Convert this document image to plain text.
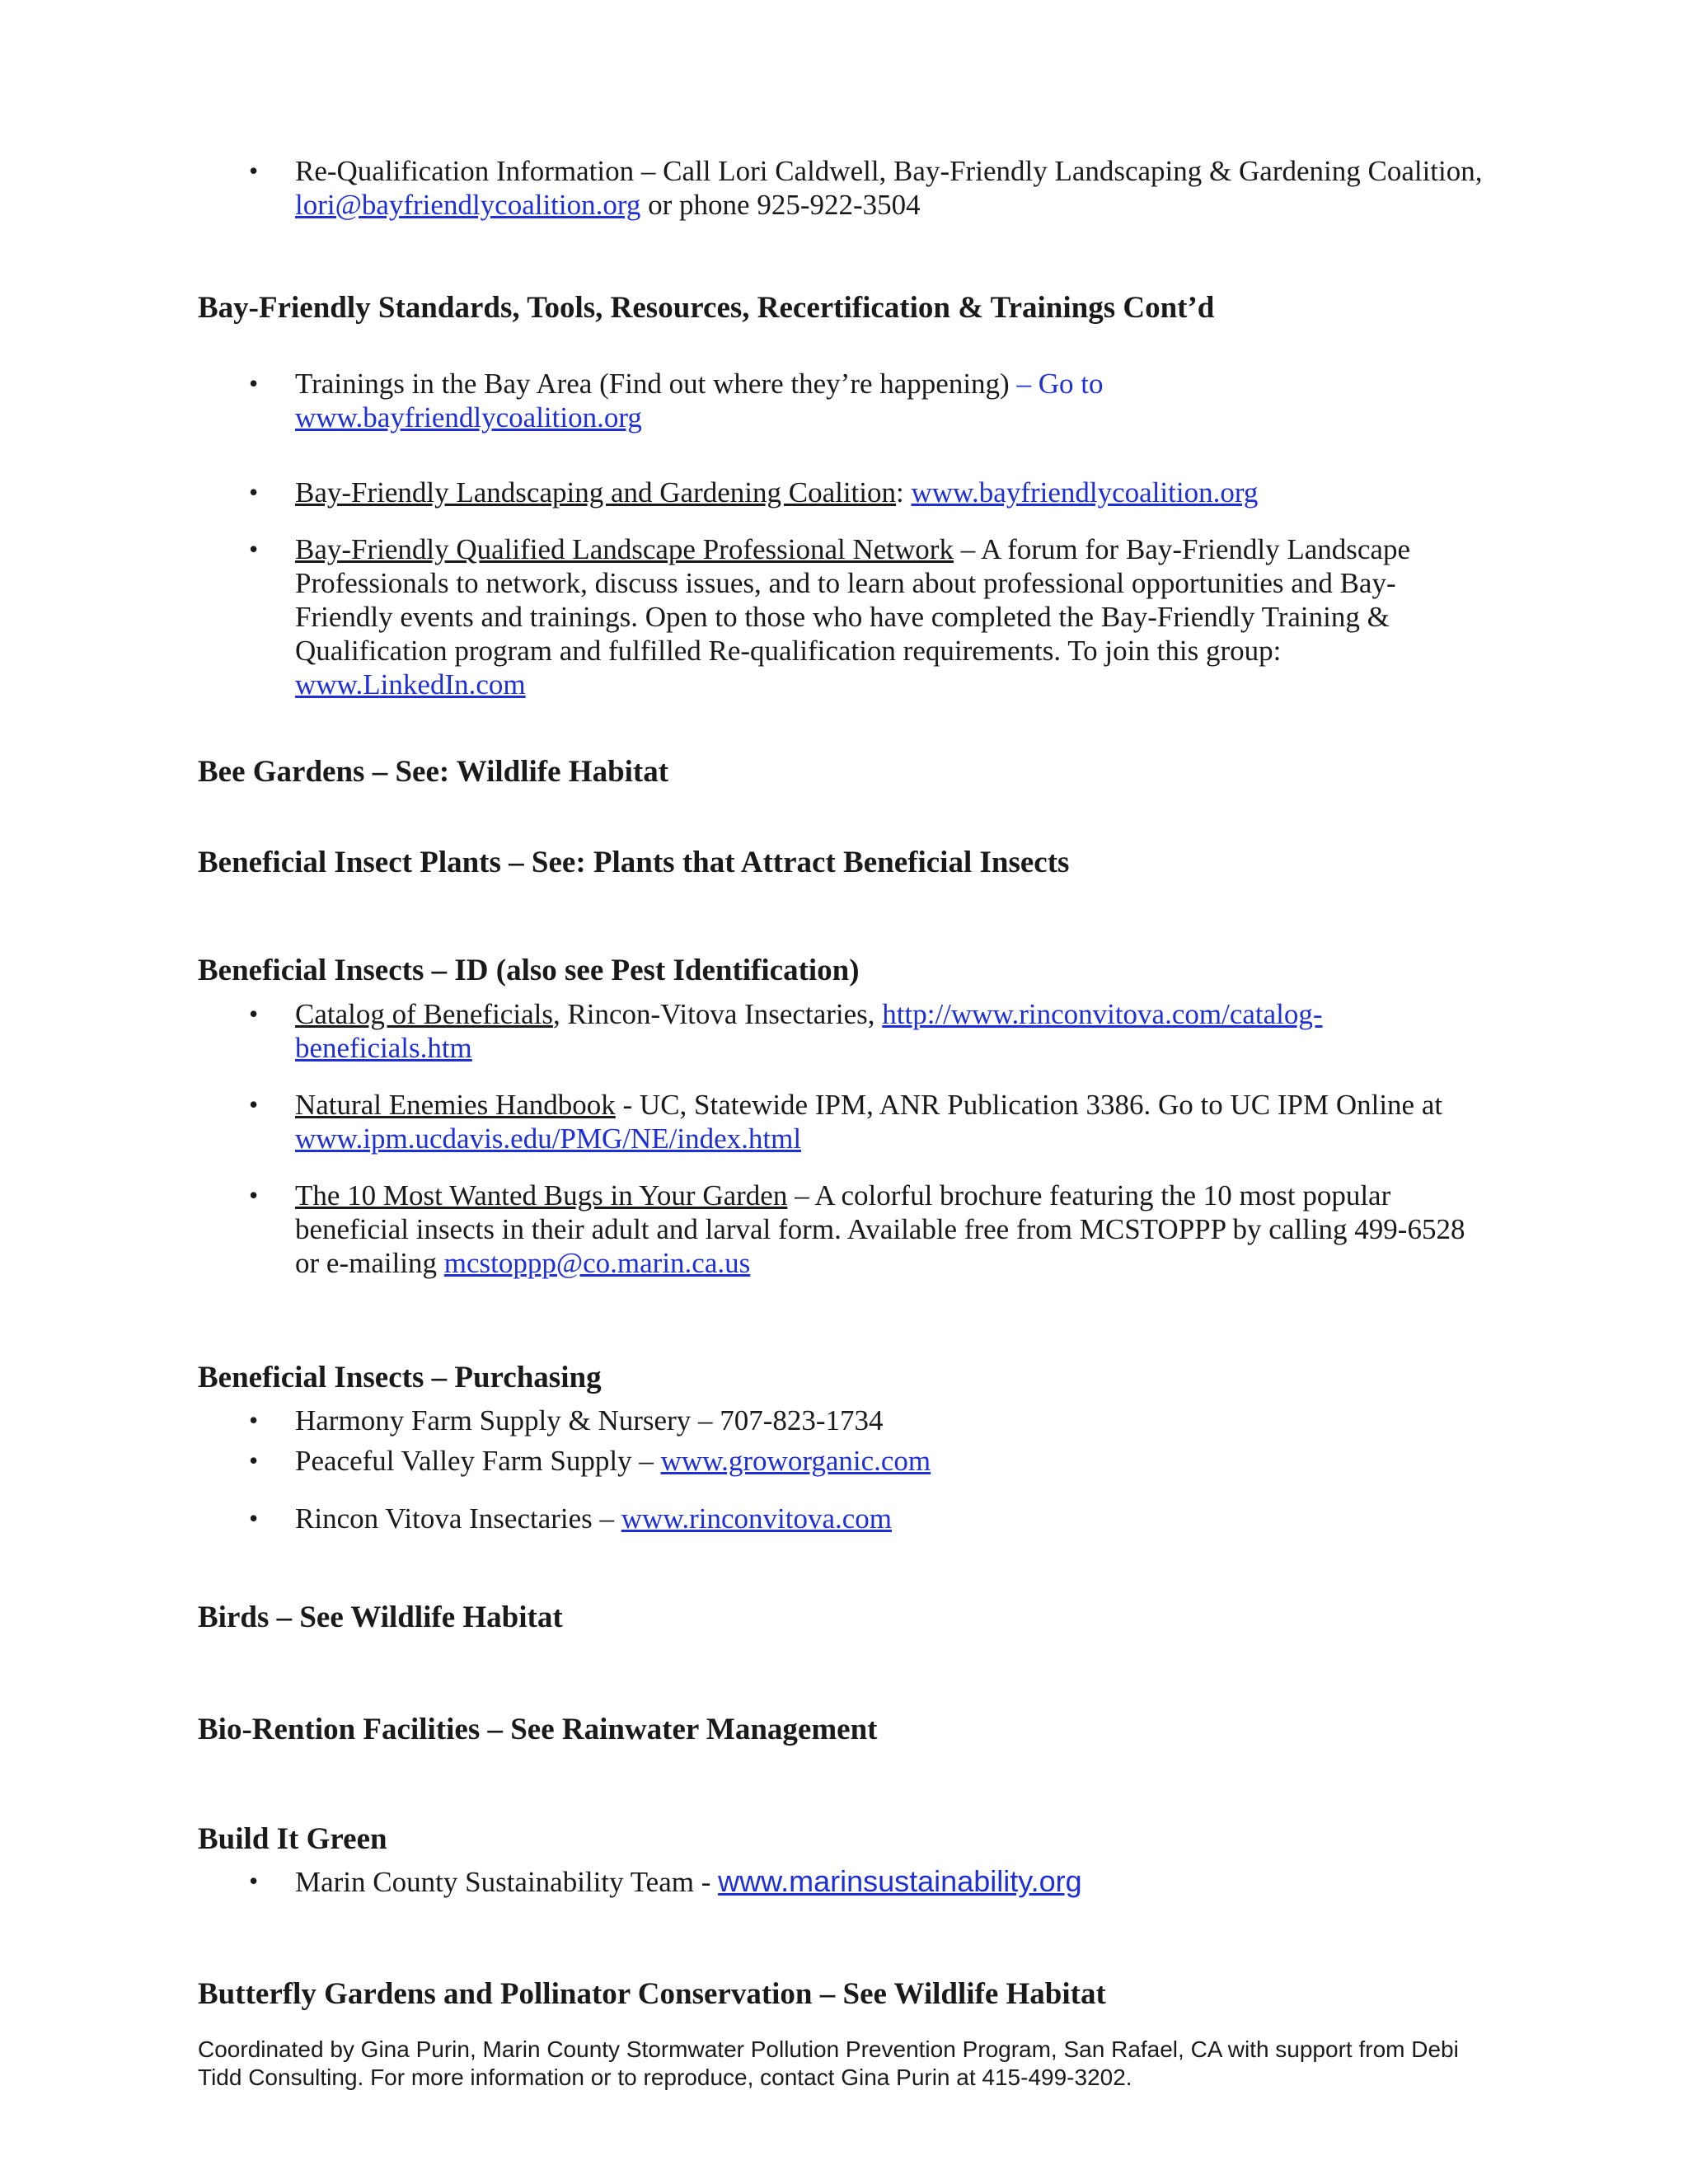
• Re-Qualification Information – Call Lori Caldwell, Bay-Friendly Landscaping & Gardening Coalition,
lori@bayfriendlycoalition.org or phone 925-922-3504
Bay-Friendly Standards, Tools, Resources, Recertification & Trainings Cont’d
• Trainings in the Bay Area (Find out where they’re happening) – Go to
www.bayfriendlycoalition.org
• Bay-Friendly Landscaping and Gardening Coalition: www.bayfriendlycoalition.org
• Bay-Friendly Qualified Landscape Professional Network – A forum for Bay-Friendly Landscape
Professionals to network, discuss issues, and to learn about professional opportunities and Bay-
Friendly events and trainings. Open to those who have completed the Bay-Friendly Training &
Qualification program and fulfilled Re-qualification requirements. To join this group:
www.LinkedIn.com
Bee Gardens – See: Wildlife Habitat
Beneficial Insect Plants – See: Plants that Attract Beneficial Insects
Beneficial Insects – ID (also see Pest Identification)
• Catalog of Beneficials, Rincon-Vitova Insectaries, http://www.rinconvitova.com/catalog-
beneficials.htm
• Natural Enemies Handbook - UC, Statewide IPM, ANR Publication 3386. Go to UC IPM Online at
www.ipm.ucdavis.edu/PMG/NE/index.html
• The 10 Most Wanted Bugs in Your Garden – A colorful brochure featuring the 10 most popular
beneficial insects in their adult and larval form. Available free from MCSTOPPP by calling 499-6528
or e-mailing mcstoppp@co.marin.ca.us
Beneficial Insects – Purchasing
• Harmony Farm Supply & Nursery – 707-823-1734
• Peaceful Valley Farm Supply – www.groworganic.com
• Rincon Vitova Insectaries – www.rinconvitova.com
Birds – See Wildlife Habitat
Bio-Rention Facilities – See Rainwater Management
Build It Green
• Marin County Sustainability Team - www.marinsustainability.org
Butterfly Gardens and Pollinator Conservation – See Wildlife Habitat
Coordinated by Gina Purin, Marin County Stormwater Pollution Prevention Program, San Rafael, CA with support from Debi
Tidd Consulting. For more information or to reproduce, contact Gina Purin at 415-499-3202.
